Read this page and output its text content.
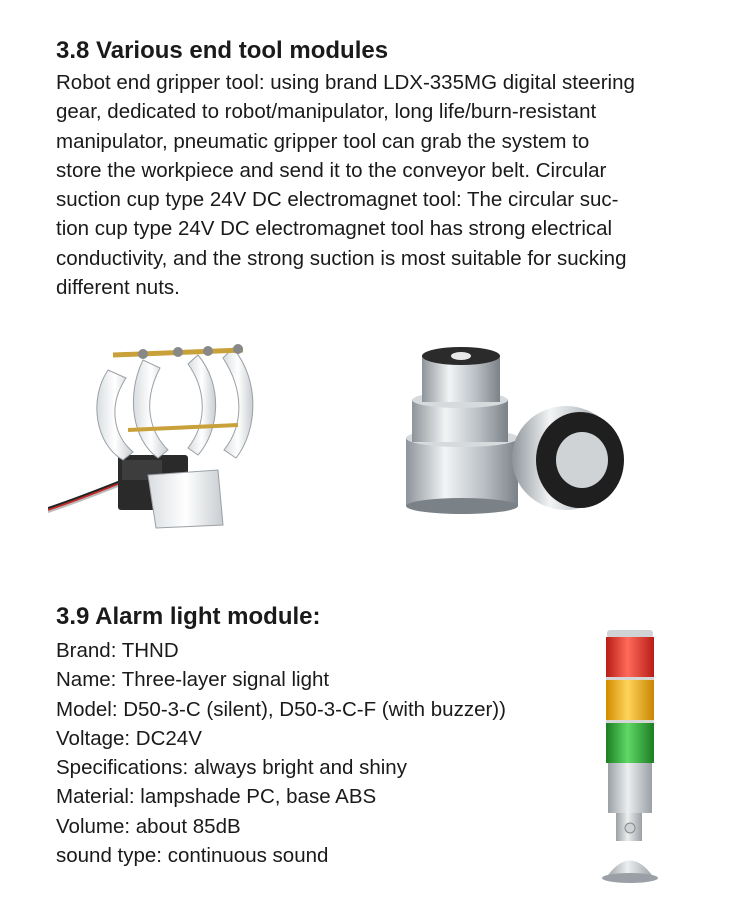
3.8 Various end tool modules

Robot end gripper tool: using brand LDX-335MG digital steering
gear, dedicated to robot/manipulator, long life/burn-resistant
manipulator, pneumatic gripper tool can grab the system to
store the workpiece and send it to the conveyor belt. Circular
suction cup type 24V DC electromagnet tool: The circular suc-
tion cup type 24V DC electromagnet tool has strong electrical
conductivity, and the strong suction is most suitable for sucking
different nuts.

3.9 Alarm light module:
Brand: THND
Name: Three-layer signal light
Model: D50-3-C (silent), D50-3-C-F (with buzzer))
Voltage: DC24V
Specifications: always bright and shiny
Material: lampshade PC, base ABS
Volume: about 85dB
sound type: continuous sound
